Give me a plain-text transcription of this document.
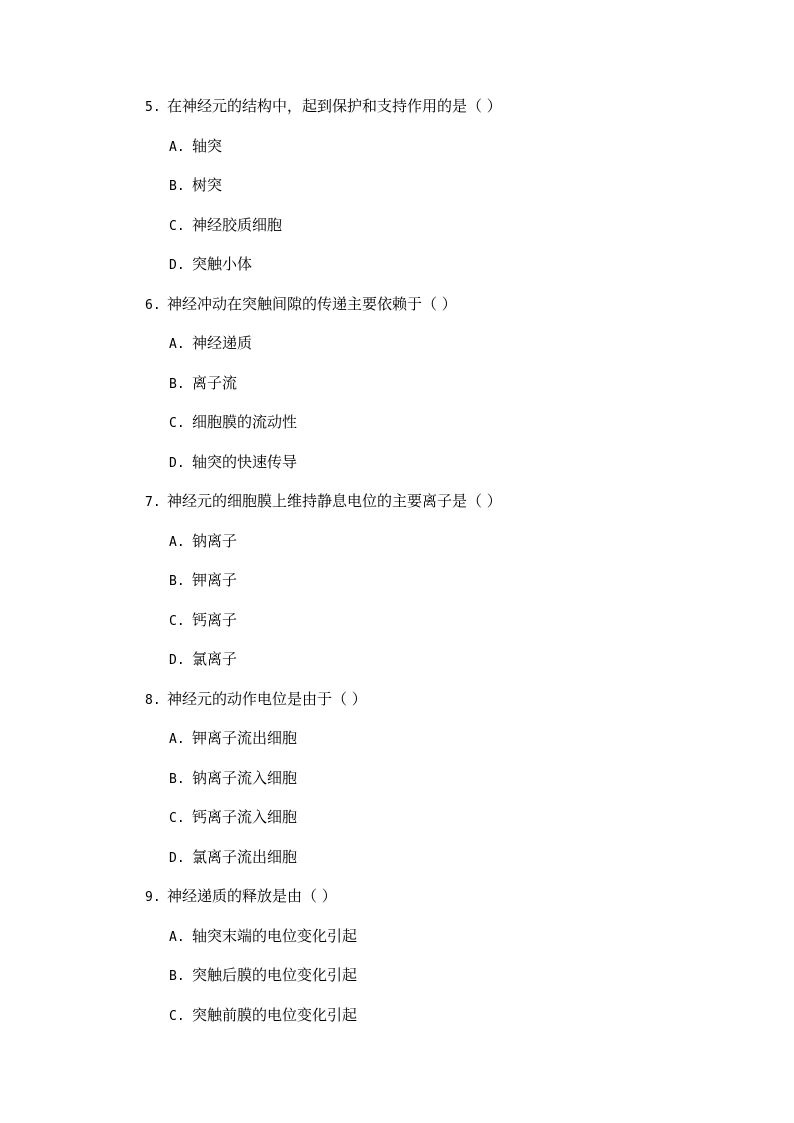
5. 在神经元的结构中，起到保护和支持作用的是（ ）
A. 轴突
B. 树突
C. 神经胶质细胞
D. 突触小体
6. 神经冲动在突触间隙的传递主要依赖于（ ）
A. 神经递质
B. 离子流
C. 细胞膜的流动性
D. 轴突的快速传导
7. 神经元的细胞膜上维持静息电位的主要离子是（ ）
A. 钠离子
B. 钾离子
C. 钙离子
D. 氯离子
8. 神经元的动作电位是由于（ ）
A. 钾离子流出细胞
B. 钠离子流入细胞
C. 钙离子流入细胞
D. 氯离子流出细胞
9. 神经递质的释放是由（ ）
A. 轴突末端的电位变化引起
B. 突触后膜的电位变化引起
C. 突触前膜的电位变化引起
